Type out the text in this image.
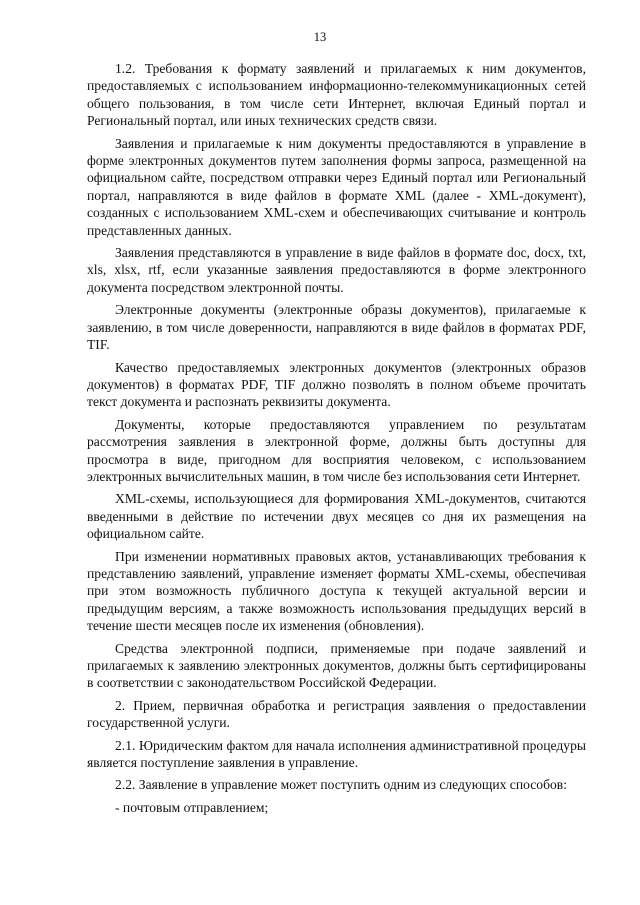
13

1.2. Требования к формату заявлений и прилагаемых к ним документов, предоставляемых с использованием информационно-телекоммуникационных сетей общего пользования, в том числе сети Интернет, включая Единый портал и Региональный портал, или иных технических средств связи.

Заявления и прилагаемые к ним документы предоставляются в управление в форме электронных документов путем заполнения формы запроса, размещенной на официальном сайте, посредством отправки через Единый портал или Региональный портал, направляются в виде файлов в формате XML (далее - XML-документ), созданных с использованием XML-схем и обеспечивающих считывание и контроль представленных данных.

Заявления представляются в управление в виде файлов в формате doc, docx, txt, xls, xlsx, rtf, если указанные заявления предоставляются в форме электронного документа посредством электронной почты.

Электронные документы (электронные образы документов), прилагаемые к заявлению, в том числе доверенности, направляются в виде файлов в форматах PDF, TIF.

Качество предоставляемых электронных документов (электронных образов документов) в форматах PDF, TIF должно позволять в полном объеме прочитать текст документа и распознать реквизиты документа.

Документы, которые предоставляются управлением по результатам рассмотрения заявления в электронной форме, должны быть доступны для просмотра в виде, пригодном для восприятия человеком, с использованием электронных вычислительных машин, в том числе без использования сети Интернет.

XML-схемы, использующиеся для формирования XML-документов, считаются введенными в действие по истечении двух месяцев со дня их размещения на официальном сайте.

При изменении нормативных правовых актов, устанавливающих требования к представлению заявлений, управление изменяет форматы XML-схемы, обеспечивая при этом возможность публичного доступа к текущей актуальной версии и предыдущим версиям, а также возможность использования предыдущих версий в течение шести месяцев после их изменения (обновления).

Средства электронной подписи, применяемые при подаче заявлений и прилагаемых к заявлению электронных документов, должны быть сертифицированы в соответствии с законодательством Российской Федерации.

2. Прием, первичная обработка и регистрация заявления о предоставлении государственной услуги.

2.1. Юридическим фактом для начала исполнения административной процедуры является поступление заявления в управление.

2.2. Заявление в управление может поступить одним из следующих способов:

- почтовым отправлением;
